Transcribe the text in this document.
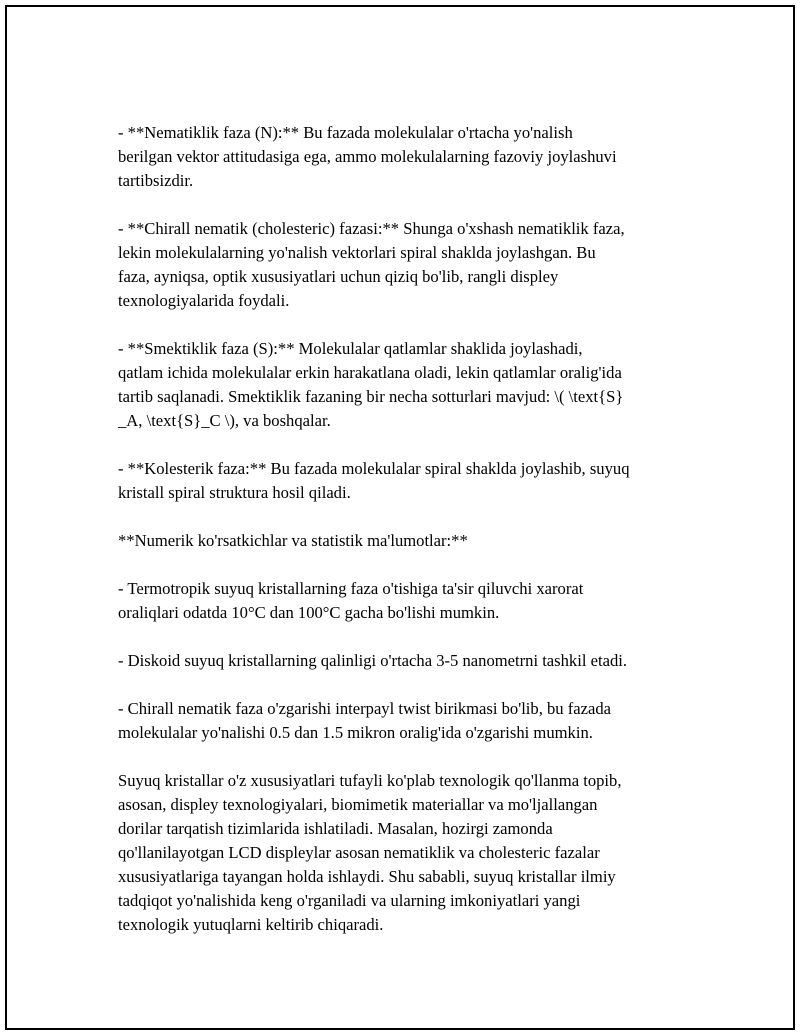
- **Nematiklik faza (N):** Bu fazada molekulalar o'rtacha yo'nalish
berilgan vektor attitudasiga ega, ammo molekulalarning fazoviy joylashuvi
tartibsizdir.

- **Chirall nematik (cholesteric) fazasi:** Shunga o'xshash nematiklik faza,
lekin molekulalarning yo'nalish vektorlari spiral shaklda joylashgan. Bu
faza, ayniqsa, optik xususiyatlari uchun qiziq bo'lib, rangli displey
texnologiyalarida foydali.

- **Smektiklik faza (S):** Molekulalar qatlamlar shaklida joylashadi,
qatlam ichida molekulalar erkin harakatlana oladi, lekin qatlamlar oralig'ida
tartib saqlanadi. Smektiklik fazaning bir necha sotturlari mavjud: \( \text{S}
_A, \text{S}_C \), va boshqalar.

- **Kolesterik faza:** Bu fazada molekulalar spiral shaklda joylashib, suyuq
kristall spiral struktura hosil qiladi.

**Numerik ko'rsatkichlar va statistik ma'lumotlar:**

- Termotropik suyuq kristallarning faza o'tishiga ta'sir qiluvchi xarorat
oraliqlari odatda 10°C dan 100°C gacha bo'lishi mumkin.

- Diskoid suyuq kristallarning qalinligi o'rtacha 3-5 nanometrni tashkil etadi.

- Chirall nematik faza o'zgarishi interpayl twist birikmasi bo'lib, bu fazada
molekulalar yo'nalishi 0.5 dan 1.5 mikron oralig'ida o'zgarishi mumkin.

Suyuq kristallar o'z xususiyatlari tufayli ko'plab texnologik qo'llanma topib,
asosan, displey texnologiyalari, biomimetik materiallar va mo'ljallangan
dorilar tarqatish tizimlarida ishlatiladi. Masalan, hozirgi zamonda
qo'llanilayotgan LCD displeylar asosan nematiklik va cholesteric fazalar
xususiyatlariga tayangan holda ishlaydi. Shu sababli, suyuq kristallar ilmiy
tadqiqot yo'nalishida keng o'rganiladi va ularning imkoniyatlari yangi
texnologik yutuqlarni keltirib chiqaradi.
